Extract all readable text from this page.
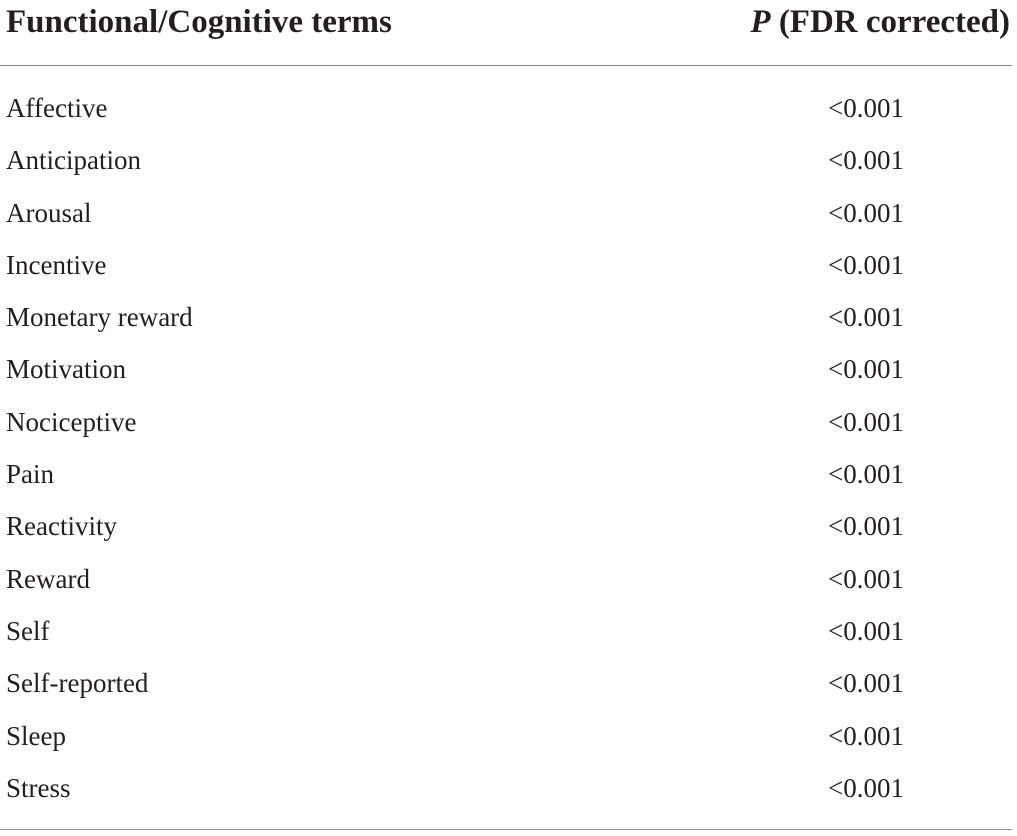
Functional/Cognitive terms	P (FDR corrected)
Affective	<0.001
Anticipation	<0.001
Arousal	<0.001
Incentive	<0.001
Monetary reward	<0.001
Motivation	<0.001
Nociceptive	<0.001
Pain	<0.001
Reactivity	<0.001
Reward	<0.001
Self	<0.001
Self-reported	<0.001
Sleep	<0.001
Stress	<0.001
